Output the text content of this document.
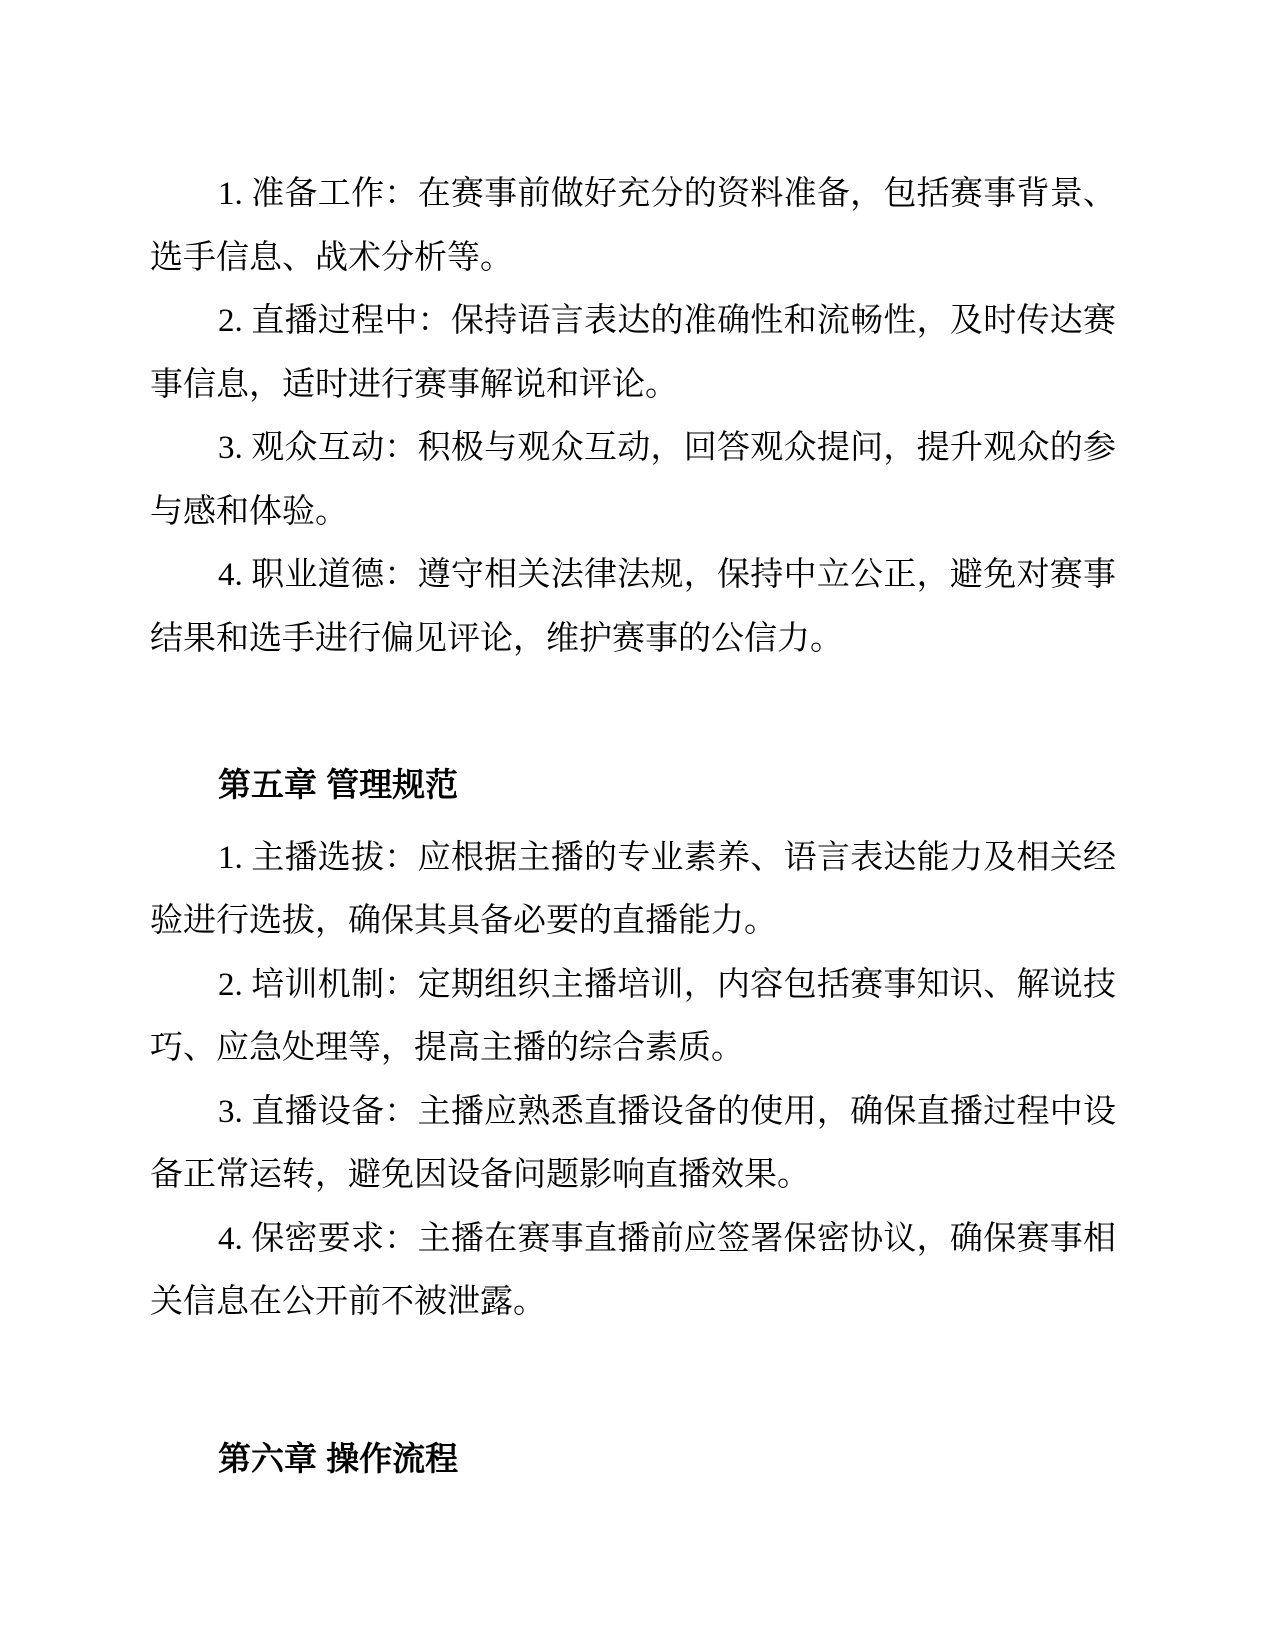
1. 准备工作：在赛事前做好充分的资料准备，包括赛事背景、选手信息、战术分析等。

2. 直播过程中：保持语言表达的准确性和流畅性，及时传达赛事信息，适时进行赛事解说和评论。

3. 观众互动：积极与观众互动，回答观众提问，提升观众的参与感和体验。

4. 职业道德：遵守相关法律法规，保持中立公正，避免对赛事结果和选手进行偏见评论，维护赛事的公信力。

第五章 管理规范

1. 主播选拔：应根据主播的专业素养、语言表达能力及相关经验进行选拔，确保其具备必要的直播能力。

2. 培训机制：定期组织主播培训，内容包括赛事知识、解说技巧、应急处理等，提高主播的综合素质。

3. 直播设备：主播应熟悉直播设备的使用，确保直播过程中设备正常运转，避免因设备问题影响直播效果。

4. 保密要求：主播在赛事直播前应签署保密协议，确保赛事相关信息在公开前不被泄露。

第六章 操作流程
